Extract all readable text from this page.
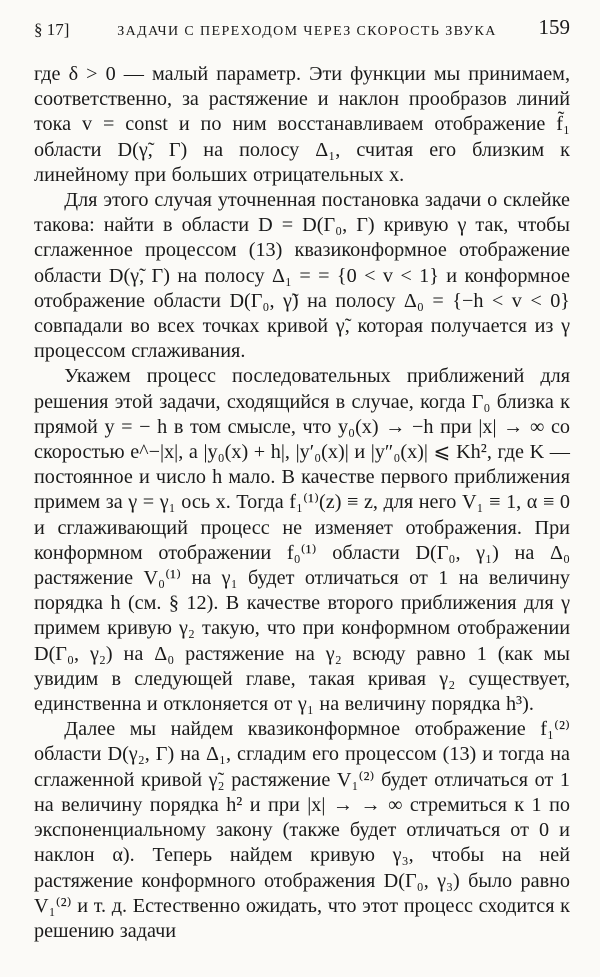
§ 17]	ЗАДАЧИ С ПЕРЕХОДОМ ЧЕРЕЗ СКОРОСТЬ ЗВУКА	159

где δ > 0 — малый параметр. Эти функции мы принимаем, соответственно, за растяжение и наклон прообразов линий тока v = const и по ним восстанавливаем отображение f̃₁ области D(γ̃, Γ) на полосу Δ₁, считая его близким к линейному при больших отрицательных x.

Для этого случая уточненная постановка задачи о склейке такова: найти в области D = D(Γ₀, Γ) кривую γ так, чтобы сглаженное процессом (13) квазиконформное отображение области D(γ̃, Γ) на полосу Δ₁ = = {0 < v < 1} и конформное отображение области D(Γ₀, γ̃) на полосу Δ₀ = {−h < v < 0} совпадали во всех точках кривой γ̃, которая получается из γ процессом сглаживания.

Укажем процесс последовательных приближений для решения этой задачи, сходящийся в случае, когда Γ₀ близка к прямой y = − h в том смысле, что y₀(x) → −h при |x| → ∞ со скоростью e^−|x|, а |y₀(x) + h|, |y′₀(x)| и |y″₀(x)| ⩽ Kh², где K — постоянное и число h мало. В качестве первого приближения примем за γ = γ₁ ось x. Тогда f₁⁽¹⁾(z) ≡ z, для него V₁ ≡ 1, α ≡ 0 и сглаживающий процесс не изменяет отображения. При конформном отображении f₀⁽¹⁾ области D(Γ₀, γ₁) на Δ₀ растяжение V₀⁽¹⁾ на γ₁ будет отличаться от 1 на величину порядка h (см. § 12). В качестве второго приближения для γ примем кривую γ₂ такую, что при конформном отображении D(Γ₀, γ₂) на Δ₀ растяжение на γ₂ всюду равно 1 (как мы увидим в следующей главе, такая кривая γ₂ существует, единственна и отклоняется от γ₁ на величину порядка h³).

Далее мы найдем квазиконформное отображение f₁⁽²⁾ области D(γ₂, Γ) на Δ₁, сгладим его процессом (13) и тогда на сглаженной кривой γ̃₂ растяжение V₁⁽²⁾ будет отличаться от 1 на величину порядка h² и при |x| → → ∞ стремиться к 1 по экспоненциальному закону (также будет отличаться от 0 и наклон α). Теперь найдем кривую γ₃, чтобы на ней растяжение конформного отображения D(Γ₀, γ₃) было равно V₁⁽²⁾ и т. д. Естественно ожидать, что этот процесс сходится к решению задачи
